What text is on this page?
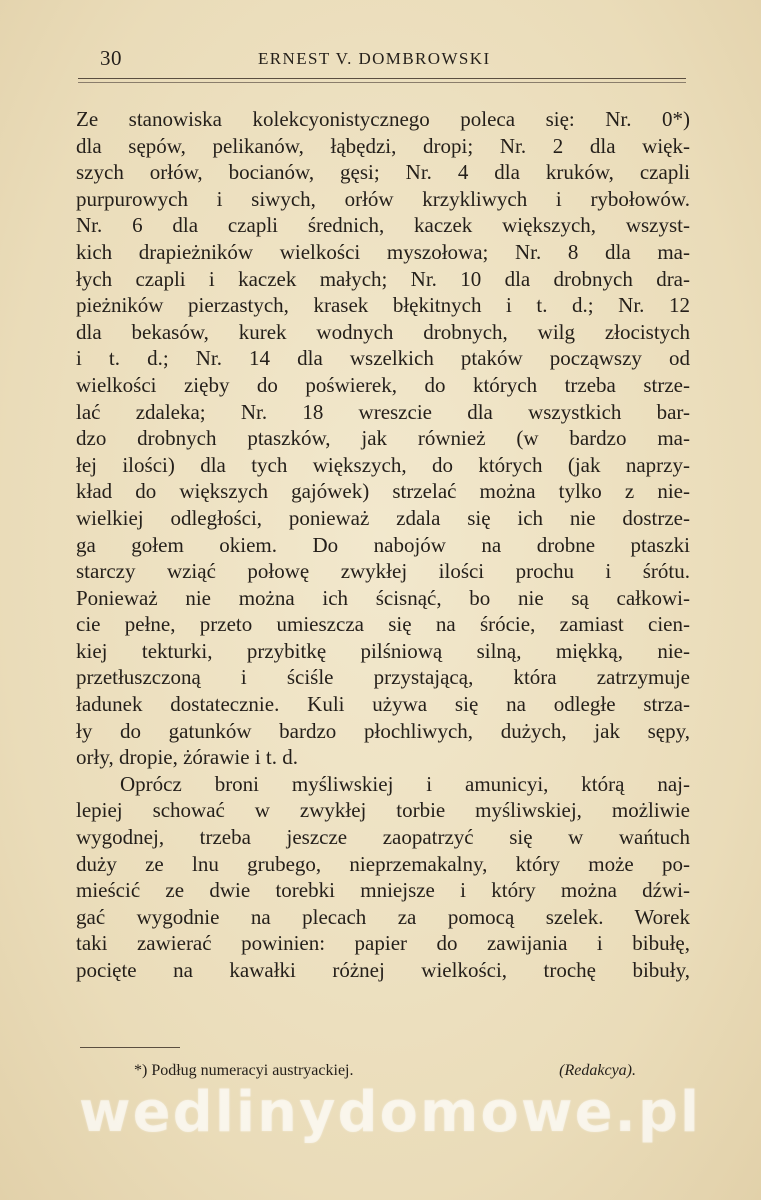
30	ERNEST V. DOMBROWSKI
Ze stanowiska kolekcyonistycznego poleca się: Nr. 0*)
dla sępów, pelikanów, łąbędzi, dropi; Nr. 2 dla więk-
szych orłów, bocianów, gęsi; Nr. 4 dla kruków, czapli
purpurowych i siwych, orłów krzykliwych i rybołowów.
Nr. 6 dla czapli średnich, kaczek większych, wszyst-
kich drapieżników wielkości myszołowa; Nr. 8 dla ma-
łych czapli i kaczek małych; Nr. 10 dla drobnych dra-
pieżników pierzastych, krasek błękitnych i t. d.; Nr. 12
dla bekasów, kurek wodnych drobnych, wilg złocistych
i t. d.; Nr. 14 dla wszelkich ptaków począwszy od
wielkości zięby do poświerek, do których trzeba strze-
lać zdaleka; Nr. 18 wreszcie dla wszystkich bar-
dzo drobnych ptaszków, jak również (w bardzo ma-
łej ilości) dla tych większych, do których (jak naprzy-
kład do większych gajówek) strzelać można tylko z nie-
wielkiej odległości, ponieważ zdala się ich nie dostrze-
ga gołem okiem. Do nabojów na drobne ptaszki
starczy wziąć połowę zwykłej ilości prochu i śrótu.
Ponieważ nie można ich ścisnąć, bo nie są całkowi-
cie pełne, przeto umieszcza się na śrócie, zamiast cien-
kiej tekturki, przybitkę pilśniową silną, miękką, nie-
przetłuszczoną i ściśle przystającą, która zatrzymuje
ładunek dostatecznie. Kuli używa się na odległe strza-
ły do gatunków bardzo płochliwych, dużych, jak sępy,
orły, dropie, żórawie i t. d.
Oprócz broni myśliwskiej i amunicyi, którą naj-
lepiej schować w zwykłej torbie myśliwskiej, możliwie
wygodnej, trzeba jeszcze zaopatrzyć się w wańtuch
duży ze lnu grubego, nieprzemakalny, który może po-
mieścić ze dwie torebki mniejsze i który można dźwi-
gać wygodnie na plecach za pomocą szelek. Worek
taki zawierać powinien: papier do zawijania i bibułę,
pocięte na kawałki różnej wielkości, trochę bibuły,
*) Podług numeracyi austryackiej.	(Redakcya).
wedlinydomowe.pl
